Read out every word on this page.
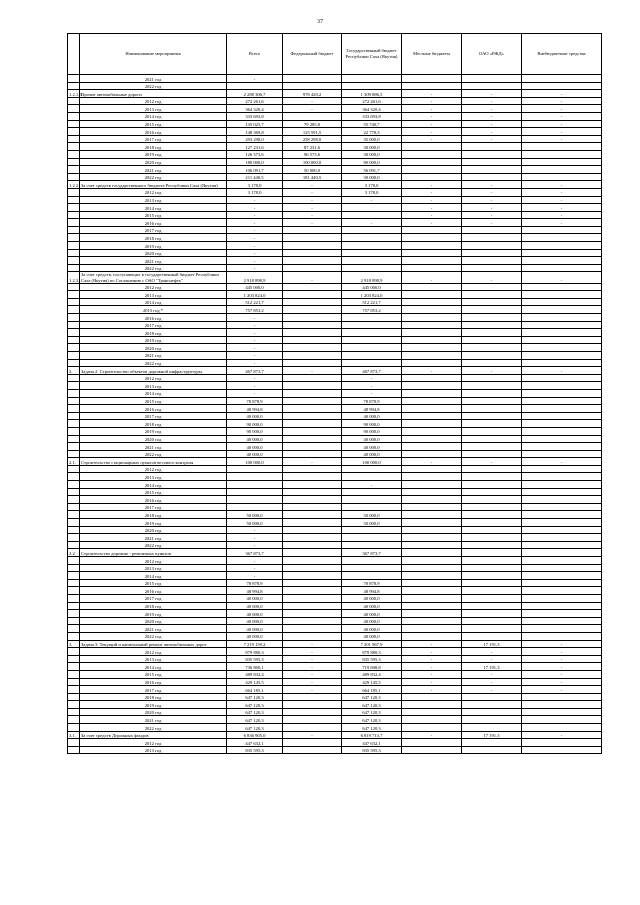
37
	Наименование мероприятия	Всего	Федеральный бюджет	Государственный бюджет Республики Саха (Якутия)	Местные бюджеты	ОАО «РЖД»	Внебюджетные средства
	2021 год	-					
	2022 год						
1.2.1.5.	Прочие автомобильные дороги	2 288 306,7	978 420,2	1 309 886,5	-	-	-
	2012 год	272 261,6	-	272 261,6	-	-	-
	2013 год	364 320,4	-	364 320,4	-	-	-
	2014 год	333 693,8		333 693,8	-	-	-
	2015 год	135 025,7	79 285,0	55 740,7	-	-	-
	2016 год	148 369,8	125 591,5	22 778,3	-	-	-
	2017 год	293 298,0	258 298,0	35 000,0	-	-	-
	2018 год	127 231,6	87 231,6	30 000,0			
	2019 год	126 573,6	96 573,6	30 000,0			
	2020 год	180 000,0	100 000,0	80 000,0			
	2021 год	106 091,7	50 000,0	56 091,7			
	2022 год	211 440,5	181 440,5	30 000,0			
1.2.2.	За счет средств государственного бюджета Республики Саха (Якутия)	3 178,0	-	3 178,0	-	-	-
	2012 год	3 178,0	-	3 178,0	-	-	-
	2013 год	-	-	-	-	-	-
	2014 год	-	-		-	-	-
	2015 год	-	-		-	-	-
	2016 год	-	-	-	-	-	-
	2017 год	-					
	2018 год	-					
	2019 год	-					
	2020 год	-					
	2021 год	-					
	2022 год	-					
1.2.3.	За счет средств, поступающих в государственный бюджет Республики Саха (Якутия) по Соглашению с ОАО "Транснефть"	2 918 898,9	-	2 918 898,9	-	-	-
	2012 год	445 000,0		445 000,0			
	2013 год	1 203 824,0		1 203 824,0			
	2014 год	512 221,7		512 221,7			
	2015 год *	757 853,2		757 853,2			
	2016 год	-					
	2017 год	-					
	2018 год	-					
	2019 год	-					
	2020 год	-					
	2021 год	-					
	2022 год	-					
2.	Задача 2. Строительство объектов дорожной инфраструктуры	467 873,7	-	467 873,7	-	-	-
	2012 год	-		-			
	2013 год	-		-			
	2014 год	-		-			
	2015 год	78 878,9		78 878,9			
	2016 год	48 994,8		48 994,8			
	2017 год	40 000,0		40 000,0			
	2018 год	90 000,0		90 000,0			
	2019 год	90 000,0		90 000,0			
	2020 год	40 000,0		40 000,0			
	2021 год	40 000,0		40 000,0			
	2022 год	40 000,0		40 000,0			
2.1.	Строительство стационарных пунктов весового контроля	100 000,0	-	100 000,0	-	-	-
	2012 год						
	2013 год						
	2014 год			-			
	2015 год						
	2016 год						
	2017 год						
	2018 год	50 000,0		50 000,0			
	2019 год	50 000,0		50 000,0			
	2020 год	-					
	2021 год	-					
	2022 год	-					
2.2.	Строительство дорожно - ремонтных пунктов	367 873,7		367 873,7			
	2012 год	-					
	2013 год	-					
	2014 год	-					
	2015 год	78 878,9		78 878,9			
	2016 год	48 994,8		48 994,8			
	2017 год	40 000,0		40 000,0			
	2018 год	40 000,0		40 000,0			
	2019 год	40 000,0		40 000,0			
	2020 год	40 000,0		40 000,0			
	2021 год	40 000,0		40 000,0			
	2022 год	40 000,0		40 000,0			
3.	Задача 3. Текущий и капитальный ремонт автомобильных дорог	7 219 159,2	-	7 201 967,9	-	17 191,3	-
	2012 год	879 880,3	-	879 880,3	-	-	-
	2013 год	835 595,3	-	835 595,3	-	-	-
	2014 год	736 800,1	-	719 608,8	-	17 191,3	-
	2015 год	489 832,4	-	489 832,4	-	-	-
	2016 год	429 145,5	-	429 145,5	-	-	-
	2017 год	664 185,1	-	664 185,1	-	-	-
	2018 год	647 120,3		647 120,3			
	2019 год	647 120,3		647 120,3			
	2020 год	647 120,3		647 120,3			
	2021 год	647 120,3		647 120,3			
	2022 год	647 120,3		647 120,3			
3.1.	За счет средств Дорожных фондов	6 836 905,0	-	6 819 713,7	-	17 191,3	-
	2012 год	447 632,1		447 632,1			
	2013 год	835 595,3		835 595,3			
